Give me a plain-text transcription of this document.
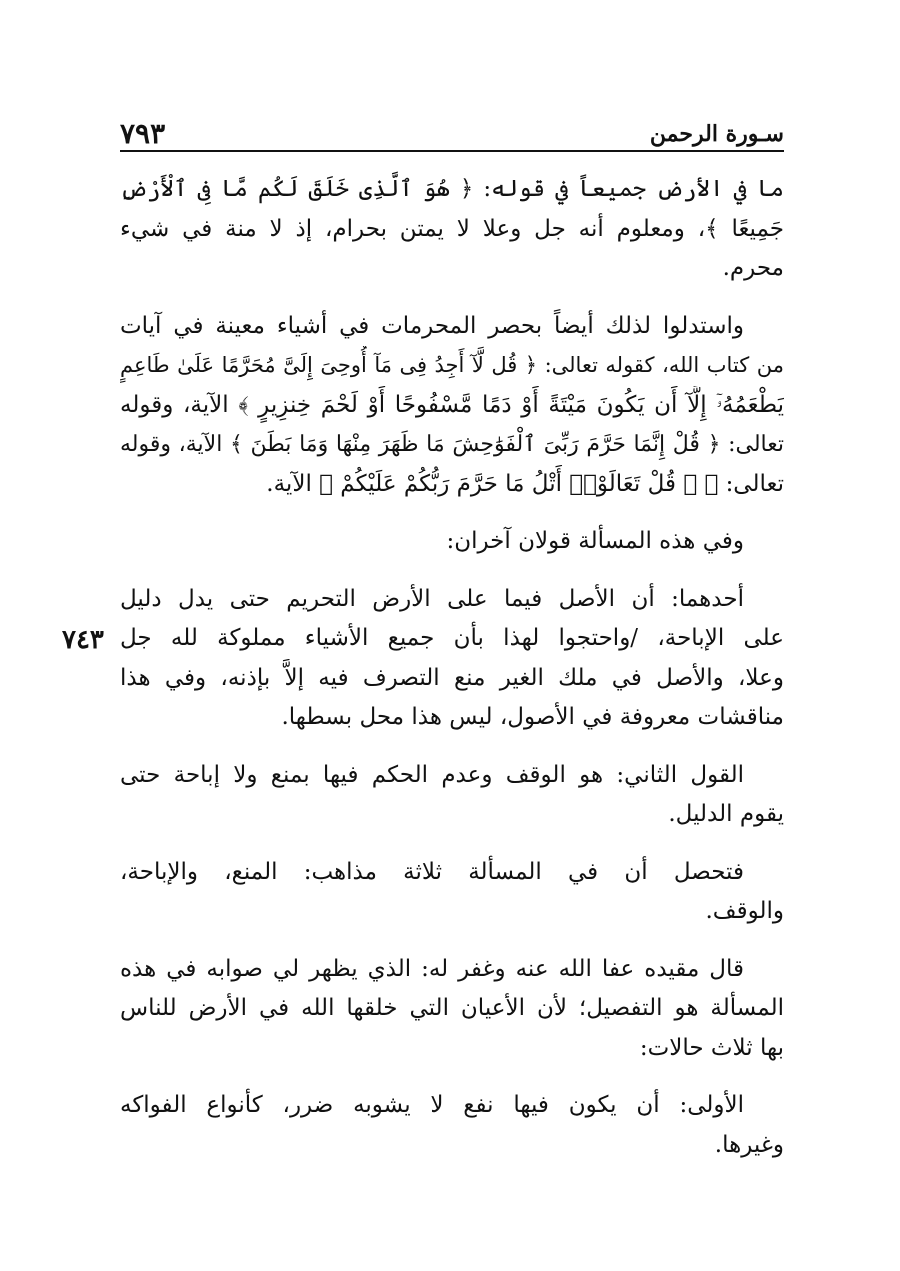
٧٩٣	سـورة الرحمن
٧٤٣
ما في الأرض جميعاً في قوله: ﴿ هُوَ ٱلَّذِى خَلَقَ لَكُم مَّا فِى ٱلْأَرْضِ
جَمِيعًا ﴾، ومعلوم أنه جل وعلا لا يمتن بحرام، إذ لا منة في شيء
محرم.
واستدلوا لذلك أيضاً بحصر المحرمات في أشياء معينة في آيات
من كتاب الله، كقوله تعالى: ﴿ قُل لَّآ أَجِدُ فِى مَآ أُوحِىَ إِلَىَّ مُحَرَّمًا عَلَىٰ طَاعِمٍ
يَطْعَمُهُۥٓ إِلَّآ أَن يَكُونَ مَيْتَةً أَوْ دَمًا مَّسْفُوحًا أَوْ لَحْمَ خِنزِيرٍ ﴾ الآية، وقوله
تعالى: ﴿ قُلْ إِنَّمَا حَرَّمَ رَبِّىَ ٱلْفَوَٰحِشَ مَا ظَهَرَ مِنْهَا وَمَا بَطَنَ ﴾ الآية، وقوله
تعالى: ﴿ ۞ قُلْ تَعَالَوْا۟ أَتْلُ مَا حَرَّمَ رَبُّكُمْ عَلَيْكُمْ ﴾ الآية.
وفي هذه المسألة قولان آخران:
أحدهما: أن الأصل فيما على الأرض التحريم حتى يدل دليل
على الإباحة، /واحتجوا لهذا بأن جميع الأشياء مملوكة لله جل
وعلا، والأصل في ملك الغير منع التصرف فيه إلاَّ بإذنه، وفي هذا
مناقشات معروفة في الأصول، ليس هذا محل بسطها.
القول الثاني: هو الوقف وعدم الحكم فيها بمنع ولا إباحة حتى
يقوم الدليل.
فتحصل أن في المسألة ثلاثة مذاهب: المنع، والإباحة،
والوقف.
قال مقيده عفا الله عنه وغفر له: الذي يظهر لي صوابه في هذه
المسألة هو التفصيل؛ لأن الأعيان التي خلقها الله في الأرض للناس
بها ثلاث حالات:
الأولى: أن يكون فيها نفع لا يشوبه ضرر، كأنواع الفواكه
وغيرها.
